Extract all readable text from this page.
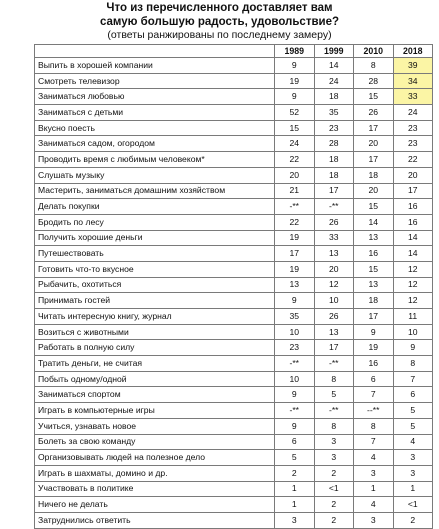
Что из перечисленного доставляет вам
самую большую радость, удовольствие?
(ответы ранжированы по последнему замеру)
	1989	1999	2010	2018
Выпить в хорошей компании	9	14	8	39
Смотреть телевизор	19	24	28	34
Заниматься любовью	9	18	15	33
Заниматься с детьми	52	35	26	24
Вкусно поесть	15	23	17	23
Заниматься садом, огородом	24	28	20	23
Проводить время с любимым человеком*	22	18	17	22
Слушать музыку	20	18	18	20
Мастерить, заниматься домашним хозяйством	21	17	20	17
Делать покупки	-**	-**	15	16
Бродить по лесу	22	26	14	16
Получить хорошие деньги	19	33	13	14
Путешествовать	17	13	16	14
Готовить что-то вкусное	19	20	15	12
Рыбачить, охотиться	13	12	13	12
Принимать гостей	9	10	18	12
Читать интересную книгу, журнал	35	26	17	11
Возиться с животными	10	13	9	10
Работать в полную силу	23	17	19	9
Тратить деньги, не считая	-**	-**	16	8
Побыть одному/одной	10	8	6	7
Заниматься спортом	9	5	7	6
Играть в компьютерные игры	-**	-**	--**	5
Учиться, узнавать новое	9	8	8	5
Болеть за свою команду	6	3	7	4
Организовывать людей на полезное дело	5	3	4	3
Играть в шахматы, домино и др.	2	2	3	3
Участвовать в политике	1	<1	1	1
Ничего не делать	1	2	4	<1
Затруднились ответить	3	2	3	2
